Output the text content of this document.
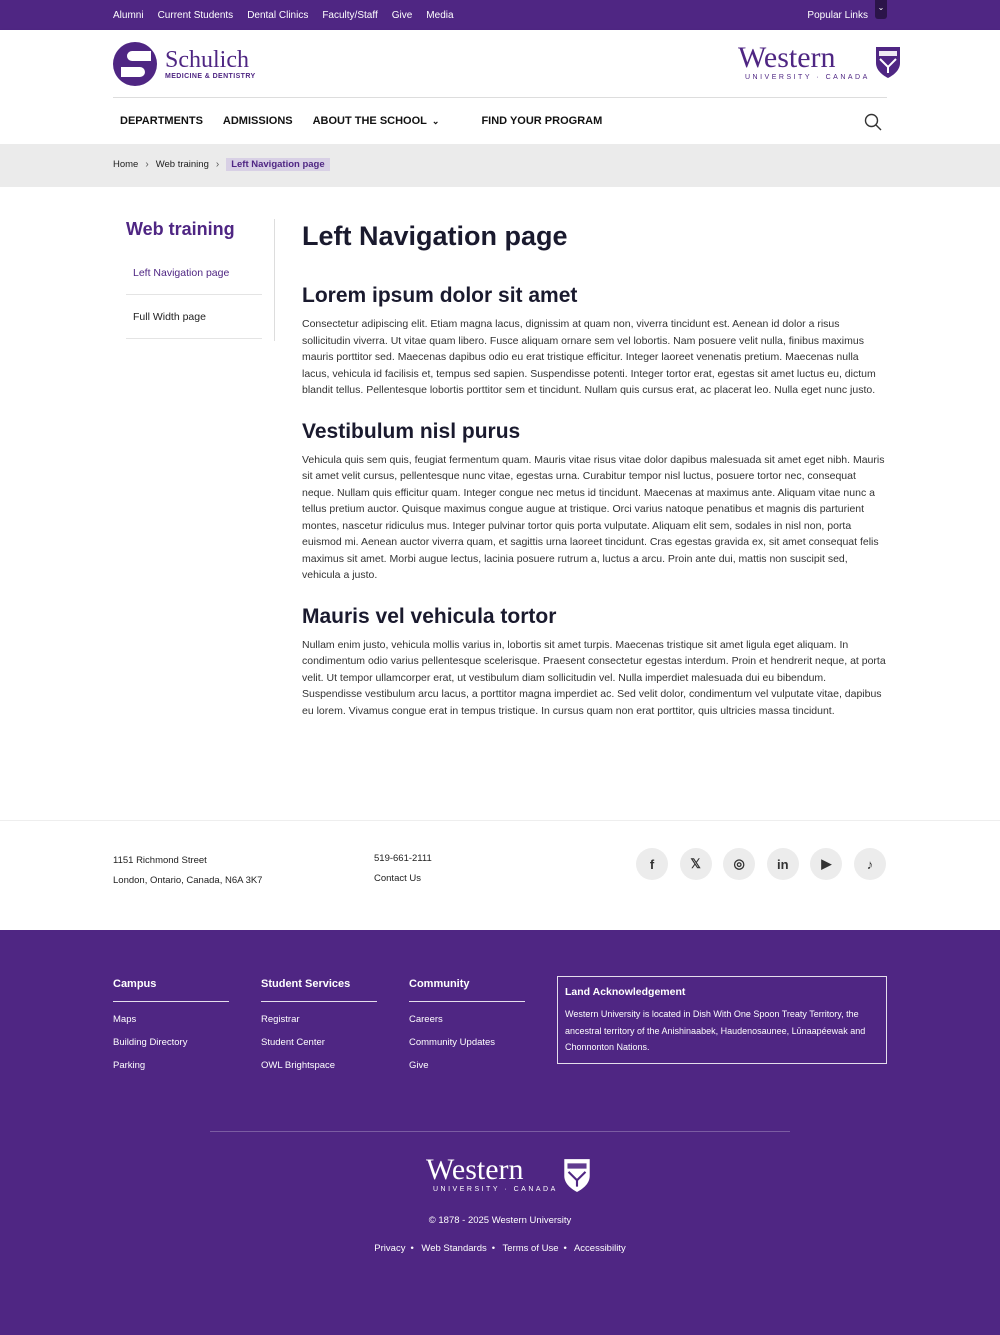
Alumni Current Students Dental Clinics Faculty/Staff Give Media	Popular Links
⌄
Schulich
MEDICINE & DENTISTRY
Western
UNIVERSITY · CANADA
DEPARTMENTS	ADMISSIONS	ABOUT THE SCHOOL ⌄	FIND YOUR PROGRAM
Home › Web training ›	Left Navigation page
Web training
Left Navigation page
Full Width page
Left Navigation page
Lorem ipsum dolor sit amet

Consectetur adipiscing elit. Etiam magna lacus, dignissim at quam non, viverra tincidunt est. Aenean id dolor a risus sollicitudin viverra. Ut vitae quam libero. Fusce aliquam ornare sem vel lobortis. Nam posuere velit nulla, finibus maximus mauris porttitor sed. Maecenas dapibus odio eu erat tristique efficitur. Integer laoreet venenatis pretium. Maecenas nulla lacus, vehicula id facilisis et, tempus sed sapien. Suspendisse potenti. Integer tortor erat, egestas sit amet luctus eu, dictum blandit tellus. Pellentesque lobortis porttitor sem et tincidunt. Nullam quis cursus erat, ac placerat leo. Nulla eget nunc justo.

Vestibulum nisl purus

Vehicula quis sem quis, feugiat fermentum quam. Mauris vitae risus vitae dolor dapibus malesuada sit amet eget nibh. Mauris sit amet velit cursus, pellentesque nunc vitae, egestas urna. Curabitur tempor nisl luctus, posuere tortor nec, consequat neque. Nullam quis efficitur quam. Integer congue nec metus id tincidunt. Maecenas at maximus ante. Aliquam vitae nunc a tellus pretium auctor. Quisque maximus congue augue at tristique. Orci varius natoque penatibus et magnis dis parturient montes, nascetur ridiculus mus. Integer pulvinar tortor quis porta vulputate. Aliquam elit sem, sodales in nisl non, porta euismod mi. Aenean auctor viverra quam, et sagittis urna laoreet tincidunt. Cras egestas gravida ex, sit amet consequat felis maximus sit amet. Morbi augue lectus, lacinia posuere rutrum a, luctus a arcu. Proin ante dui, mattis non suscipit sed, vehicula a justo.

Mauris vel vehicula tortor

Nullam enim justo, vehicula mollis varius in, lobortis sit amet turpis. Maecenas tristique sit amet ligula eget aliquam. In condimentum odio varius pellentesque scelerisque. Praesent consectetur egestas interdum. Proin et hendrerit neque, at porta velit. Ut tempor ullamcorper erat, ut vestibulum diam sollicitudin vel. Nulla imperdiet malesuada dui eu bibendum. Suspendisse vestibulum arcu lacus, a porttitor magna imperdiet ac. Sed velit dolor, condimentum vel vulputate vitae, dapibus eu lorem. Vivamus congue erat in tempus tristique. In cursus quam non erat porttitor, quis ultricies massa tincidunt.

1151 Richmond Street
London, Ontario, Canada, N6A 3K7
519-661-2111
Contact Us
f	𝕏	◎	in	▶	♪
Campus
Maps
Building Directory
Parking
Student Services
Registrar
Student Center
OWL Brightspace
Community
Careers
Community Updates
Give
Land Acknowledgement
Western University is located in Dish With One Spoon Treaty Territory, the ancestral territory of the Anishinaabek, Haudenosaunee, Lūnaapéewak and Chonnonton Nations.
Western
UNIVERSITY · CANADA
© 1878 - 2025 Western University
Privacy • Web Standards • Terms of Use • Accessibility
